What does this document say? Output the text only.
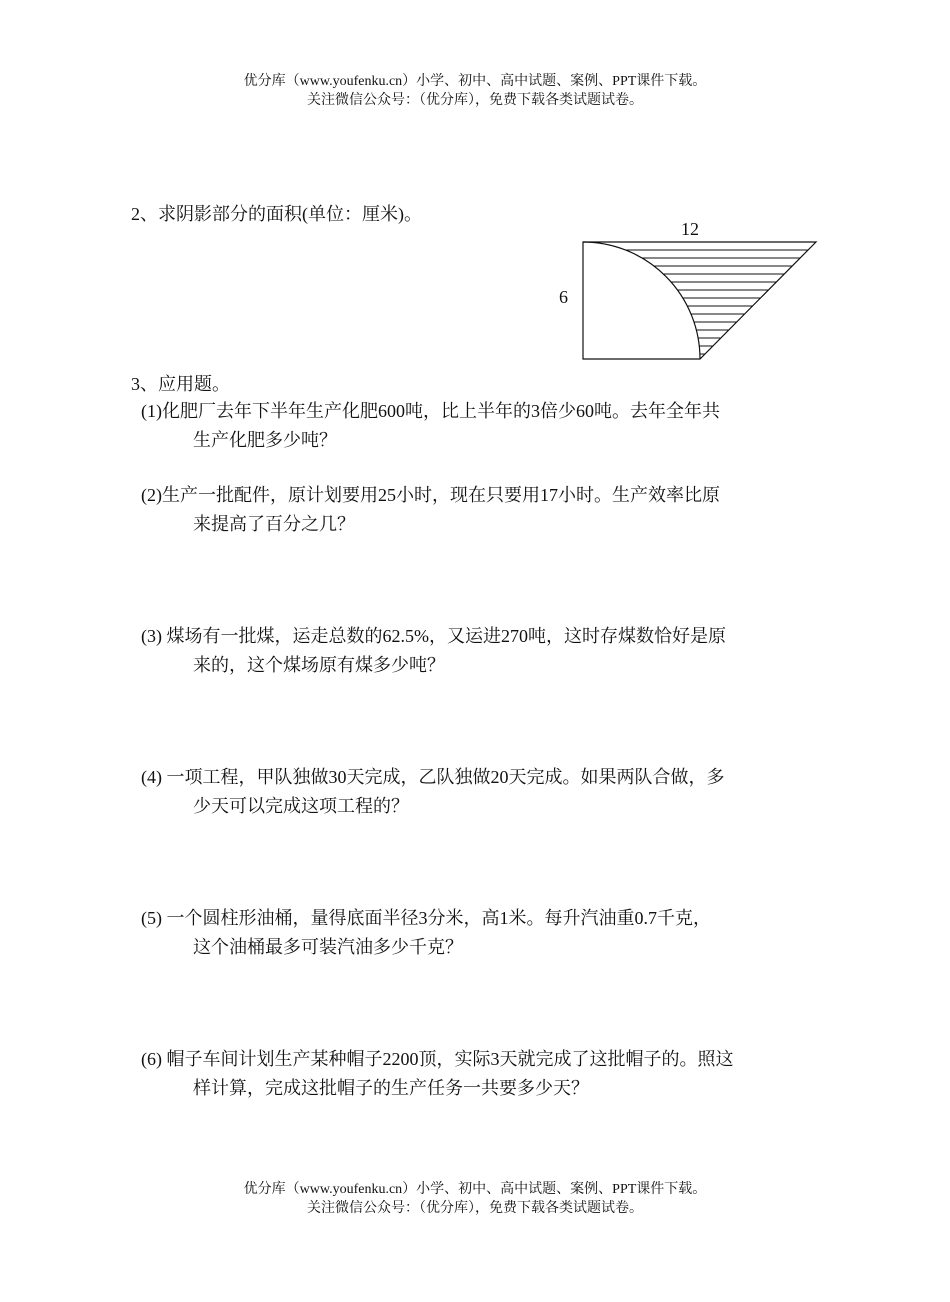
优分库（www.youfenku.cn）小学、初中、高中试题、案例、PPT课件下载。
关注微信公众号：（优分库），免费下载各类试题试卷。
2、求阴影部分的面积(单位：厘米)。
12
6
3、应用题。
(1)化肥厂去年下半年生产化肥600吨，比上半年的3倍少60吨。去年全年共
生产化肥多少吨？
(2)生产一批配件，原计划要用25小时，现在只要用17小时。生产效率比原
来提高了百分之几？
(3) 煤场有一批煤，运走总数的62.5%，又运进270吨，这时存煤数恰好是原
来的，这个煤场原有煤多少吨？
(4) 一项工程，甲队独做30天完成，乙队独做20天完成。如果两队合做，多
少天可以完成这项工程的？
(5) 一个圆柱形油桶，量得底面半径3分米，高1米。每升汽油重0.7千克，
这个油桶最多可装汽油多少千克？
(6) 帽子车间计划生产某种帽子2200顶，实际3天就完成了这批帽子的。照这
样计算，完成这批帽子的生产任务一共要多少天？
优分库（www.youfenku.cn）小学、初中、高中试题、案例、PPT课件下载。
关注微信公众号：（优分库），免费下载各类试题试卷。
